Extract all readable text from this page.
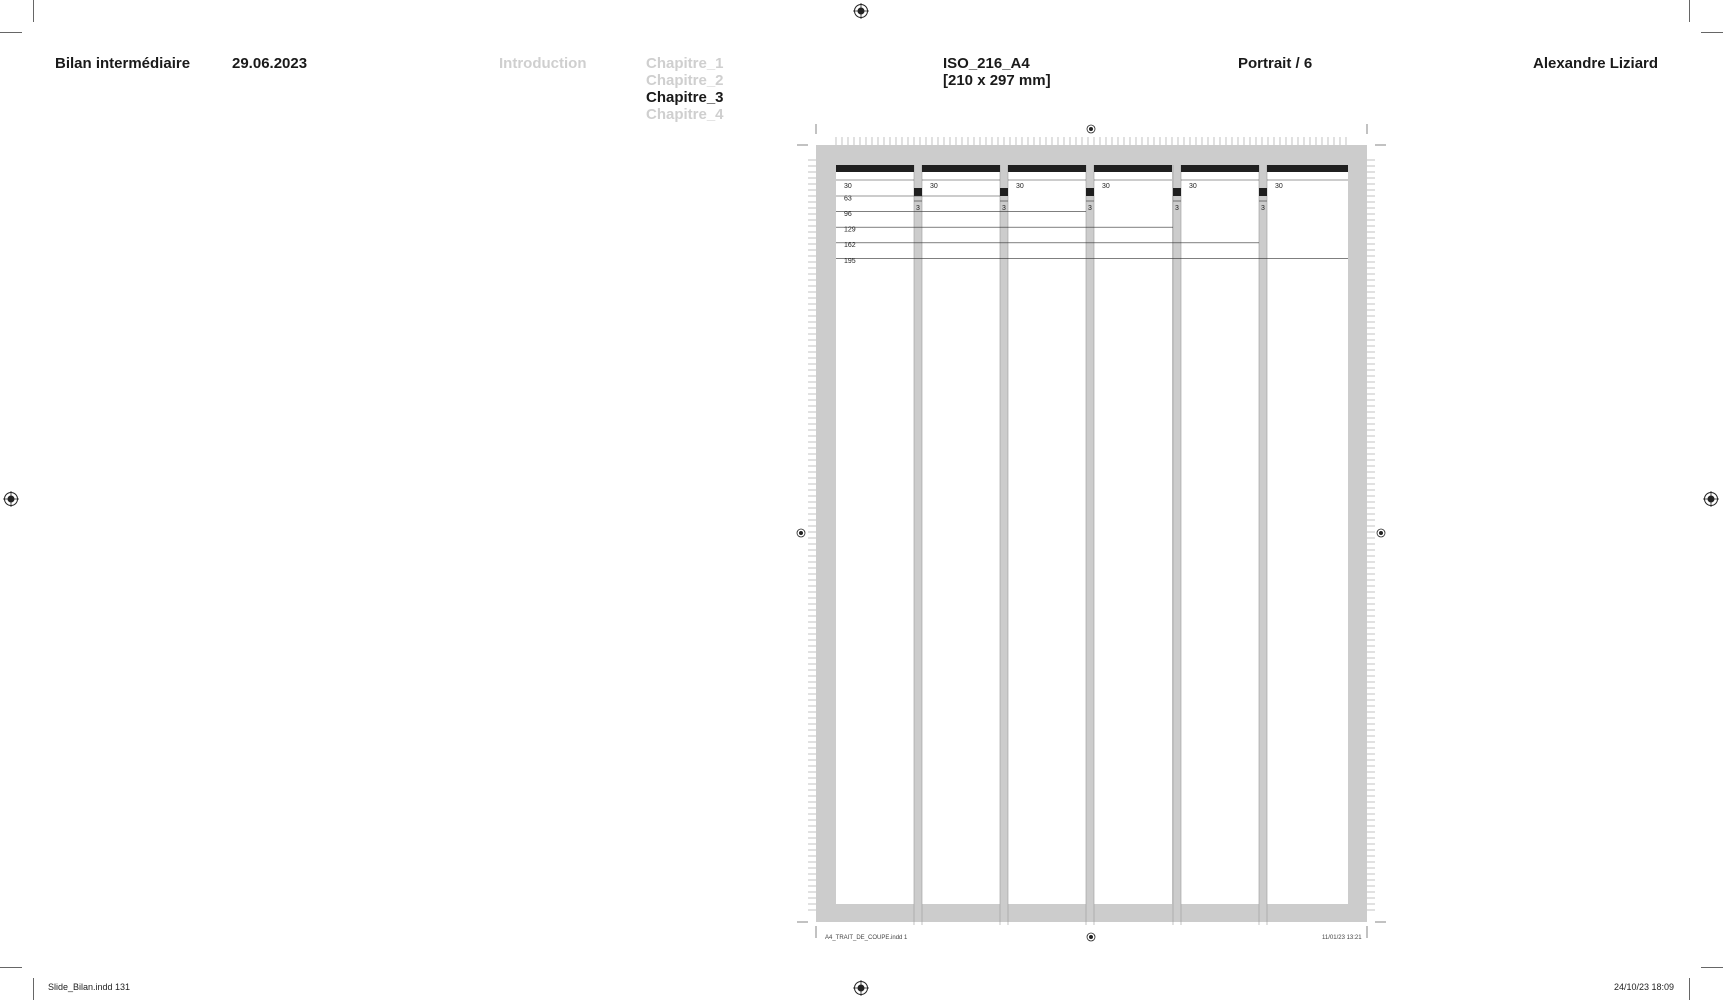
Bilan intermédiaire	29.06.2023	Introduction	Chapitre_1
Chapitre_2
Chapitre_3
Chapitre_4
ISO_216_A4
[210 x 297 mm]
Portrait / 6	Alexandre Liziard
30	30	30	30	30	30
3	3	3	3	3
63
96
129
162
195
A4_TRAIT_DE_COUPE.indd 1	11/01/23 13:21
Slide_Bilan.indd 131	24/10/23 18:09
